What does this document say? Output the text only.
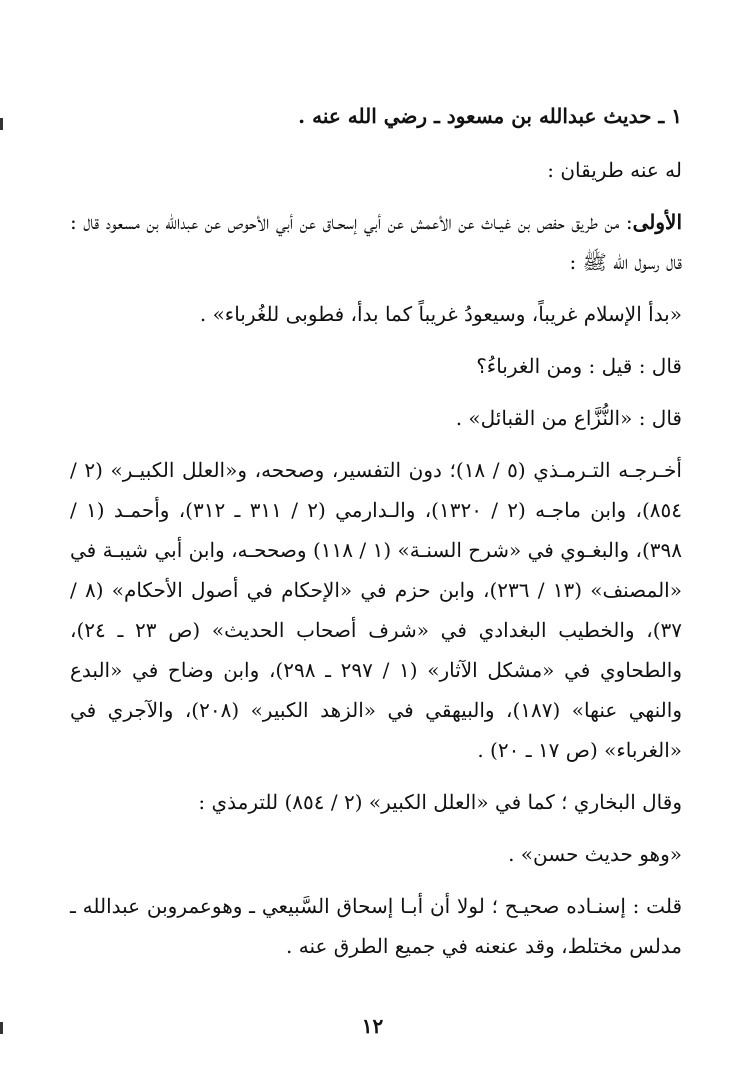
١ ـ حديث عبدالله بن مسعود ـ رضي الله عنه .

له عنه طريقان :

الأولى: من طريق حفص بن غيـاث عن الأعمش عن أبي إسحـاق عن أبي الأحوص عن عبدالله بن مسعود قال : قال رسول الله ﷺ :

«بدأ الإسلام غريباً، وسيعودُ غريباً كما بدأ، فطوبى للغُرباء» .

قال : قيل : ومن الغرباءُ؟

قال : «النُّزَّاع من القبائل» .

أخـرجـه التـرمـذي (٥ / ١٨)؛ دون التفسير، وصححه، و«العلل الكبيـر» (٢ / ٨٥٤)، وابن ماجـه (٢ / ١٣٢٠)، والـدارمي (٢ / ٣١١ ـ ٣١٢)، وأحمـد (١ / ٣٩٨)، والبغـوي في «شرح السنـة» (١ / ١١٨) وصححـه، وابن أبي شيبـة في «المصنف» (١٣ / ٢٣٦)، وابن حزم في «الإحكام في أصول الأحكام» (٨ / ٣٧)، والخطيب البغدادي في «شرف أصحاب الحديث» (ص ٢٣ ـ ٢٤)، والطحاوي في «مشكل الآثار» (١ / ٢٩٧ ـ ٢٩٨)، وابن وضاح في «البدع والنهي عنها» (١٨٧)، والبيهقي في «الزهد الكبير» (٢٠٨)، والآجري في «الغرباء» (ص ١٧ ـ ٢٠) .

وقال البخاري ؛ كما في «العلل الكبير» (٢ / ٨٥٤) للترمذي :

«وهو حديث حسن» .

قلت : إسنـاده صحيـح ؛ لولا أن أبـا إسحاق السَّبيعي ـ وهوعمروبن عبدالله ـ مدلس مختلط، وقد عنعنه في جميع الطرق عنه .

١٢
